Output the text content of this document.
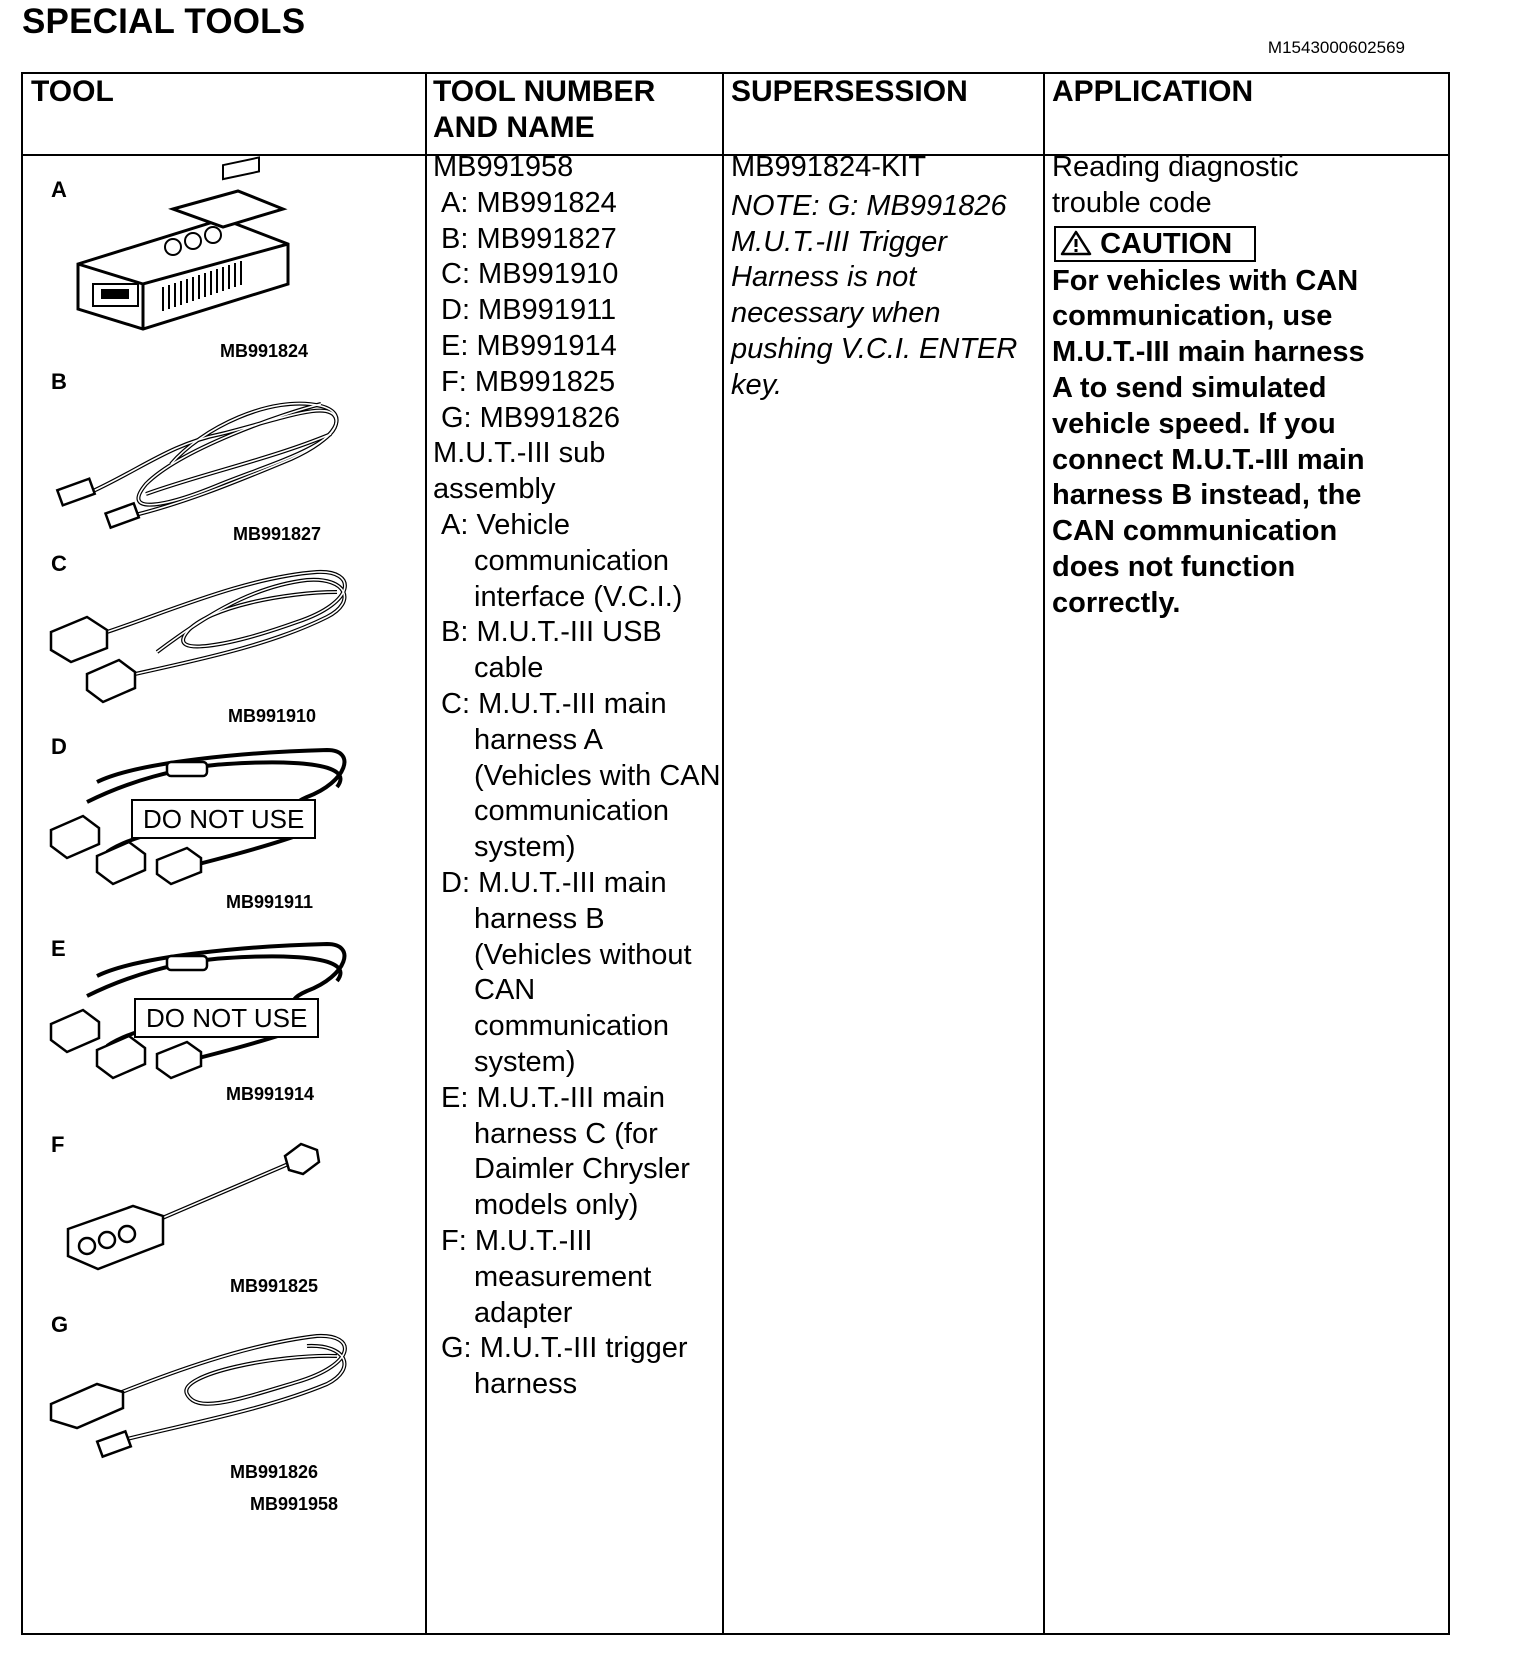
SPECIAL TOOLS
M1543000602569
TOOL	TOOL NUMBER
AND NAME
SUPERSESSION	APPLICATION
A
MB991824
B
MB991827
C
MB991910
D
DO NOT USE
MB991911
E
DO NOT USE
MB991914
F
MB991825
G
MB991826
MB991958

MB991958

A: MB991824

B: MB991827

C: MB991910

D: MB991911

E: MB991914

F: MB991825

G: MB991826

M.U.T.-III sub

assembly

A: Vehicle

communication

interface (V.C.I.)

B: M.U.T.-III USB

cable

C: M.U.T.-III main

harness A

(Vehicles with CAN

communication

system)

D: M.U.T.-III main

harness B

(Vehicles without

CAN

communication

system)

E: M.U.T.-III main

harness C (for

Daimler Chrysler

models only)

F: M.U.T.-III

measurement

adapter

G: M.U.T.-III trigger

harness

MB991824-KIT

NOTE: G: MB991826

M.U.T.-III Trigger

Harness is not

necessary when

pushing V.C.I. ENTER

key.

Reading diagnostic

trouble code

CAUTION

For vehicles with CAN

communication, use

M.U.T.-III main harness

A to send simulated

vehicle speed. If you

connect M.U.T.-III main

harness B instead, the

CAN communication

does not function

correctly.
